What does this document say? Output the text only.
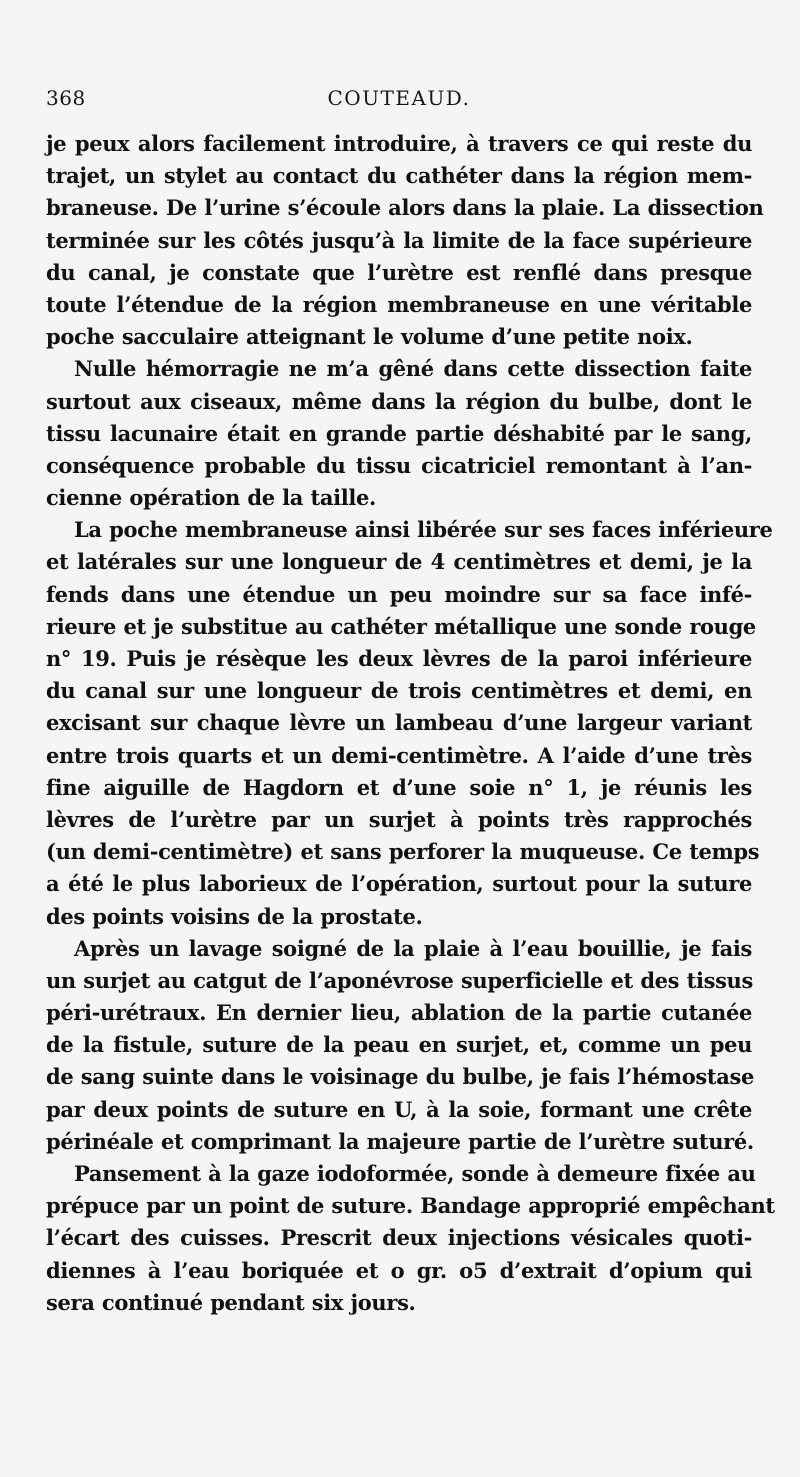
368	COUTEAUD.
je peux alors facilement introduire, à travers ce qui reste du
trajet, un stylet au contact du cathéter dans la région mem-
braneuse. De l’urine s’écoule alors dans la plaie. La dissection
terminée sur les côtés jusqu’à la limite de la face supérieure
du canal, je constate que l’urètre est renflé dans presque
toute l’étendue de la région membraneuse en une véritable
poche sacculaire atteignant le volume d’une petite noix.
Nulle hémorragie ne m’a gêné dans cette dissection faite
surtout aux ciseaux, même dans la région du bulbe, dont le
tissu lacunaire était en grande partie déshabité par le sang,
conséquence probable du tissu cicatriciel remontant à l’an-
cienne opération de la taille.
La poche membraneuse ainsi libérée sur ses faces inférieure
et latérales sur une longueur de 4 centimètres et demi, je la
fends dans une étendue un peu moindre sur sa face infé-
rieure et je substitue au cathéter métallique une sonde rouge
n° 19. Puis je résèque les deux lèvres de la paroi inférieure
du canal sur une longueur de trois centimètres et demi, en
excisant sur chaque lèvre un lambeau d’une largeur variant
entre trois quarts et un demi-centimètre. A l’aide d’une très
fine aiguille de Hagdorn et d’une soie n° 1, je réunis les
lèvres de l’urètre par un surjet à points très rapprochés
(un demi-centimètre) et sans perforer la muqueuse. Ce temps
a été le plus laborieux de l’opération, surtout pour la suture
des points voisins de la prostate.
Après un lavage soigné de la plaie à l’eau bouillie, je fais
un surjet au catgut de l’aponévrose superficielle et des tissus
péri-urétraux. En dernier lieu, ablation de la partie cutanée
de la fistule, suture de la peau en surjet, et, comme un peu
de sang suinte dans le voisinage du bulbe, je fais l’hémostase
par deux points de suture en U, à la soie, formant une crête
périnéale et comprimant la majeure partie de l’urètre suturé.
Pansement à la gaze iodoformée, sonde à demeure fixée au
prépuce par un point de suture. Bandage approprié empêchant
l’écart des cuisses. Prescrit deux injections vésicales quoti-
diennes à l’eau boriquée et o gr. o5 d’extrait d’opium qui
sera continué pendant six jours.
